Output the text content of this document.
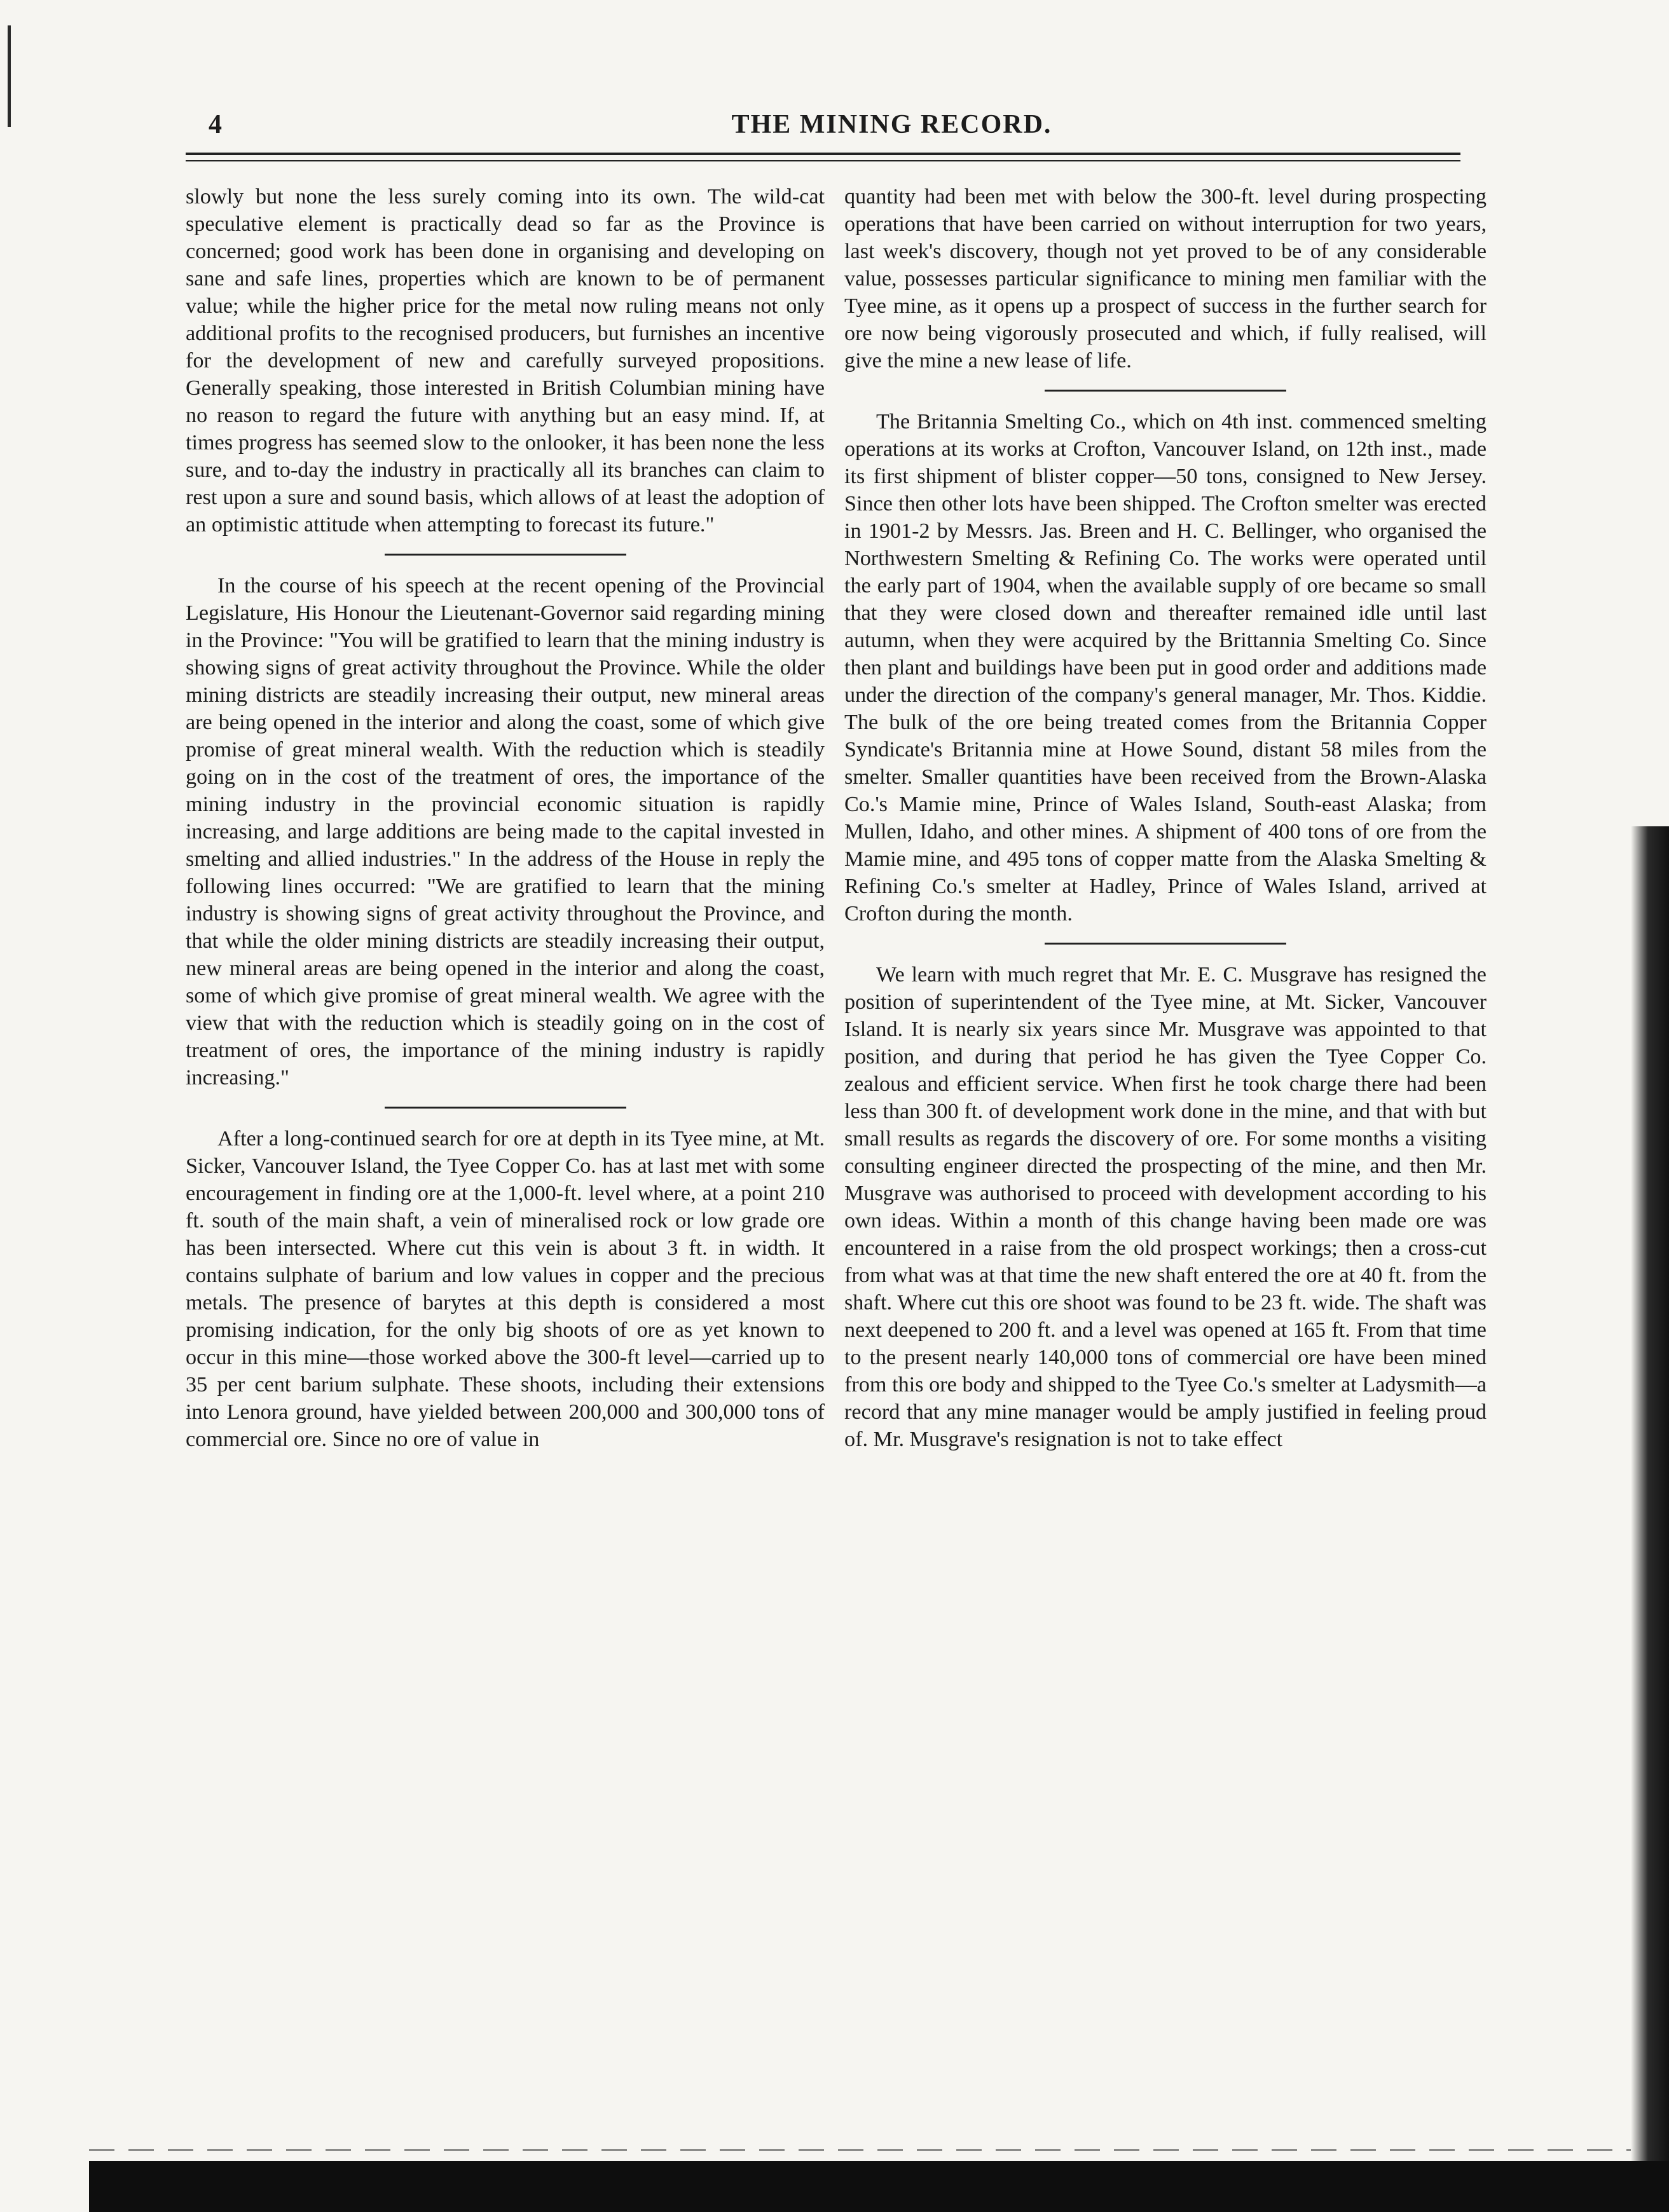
4	THE MINING RECORD.

slowly but none the less surely coming into its own. The wild-cat speculative element is practically dead so far as the Province is concerned; good work has been done in organising and developing on sane and safe lines, properties which are known to be of permanent value; while the higher price for the metal now ruling means not only additional profits to the recognised producers, but furnishes an incentive for the development of new and carefully surveyed propositions. Generally speaking, those interested in British Columbian mining have no reason to regard the future with anything but an easy mind. If, at times progress has seemed slow to the onlooker, it has been none the less sure, and to-day the industry in practically all its branches can claim to rest upon a sure and sound basis, which allows of at least the adoption of an optimistic attitude when attempting to forecast its future."

In the course of his speech at the recent opening of the Provincial Legislature, His Honour the Lieutenant-Governor said regarding mining in the Province: "You will be gratified to learn that the mining industry is showing signs of great activity throughout the Province. While the older mining districts are steadily increasing their output, new mineral areas are being opened in the interior and along the coast, some of which give promise of great mineral wealth. With the reduction which is steadily going on in the cost of the treatment of ores, the importance of the mining industry in the provincial economic situation is rapidly increasing, and large additions are being made to the capital invested in smelting and allied industries." In the address of the House in reply the following lines occurred: "We are gratified to learn that the mining industry is showing signs of great activity throughout the Province, and that while the older mining districts are steadily increasing their output, new mineral areas are being opened in the interior and along the coast, some of which give promise of great mineral wealth. We agree with the view that with the reduction which is steadily going on in the cost of treatment of ores, the importance of the mining industry is rapidly increasing."

After a long-continued search for ore at depth in its Tyee mine, at Mt. Sicker, Vancouver Island, the Tyee Copper Co. has at last met with some encouragement in finding ore at the 1,000-ft. level where, at a point 210 ft. south of the main shaft, a vein of mineralised rock or low grade ore has been intersected. Where cut this vein is about 3 ft. in width. It contains sulphate of barium and low values in copper and the precious metals. The presence of barytes at this depth is considered a most promising indication, for the only big shoots of ore as yet known to occur in this mine—those worked above the 300-ft level—carried up to 35 per cent barium sulphate. These shoots, including their extensions into Lenora ground, have yielded between 200,000 and 300,000 tons of commercial ore. Since no ore of value in

quantity had been met with below the 300-ft. level during prospecting operations that have been carried on without interruption for two years, last week's discovery, though not yet proved to be of any considerable value, possesses particular significance to mining men familiar with the Tyee mine, as it opens up a prospect of success in the further search for ore now being vigorously prosecuted and which, if fully realised, will give the mine a new lease of life.

The Britannia Smelting Co., which on 4th inst. commenced smelting operations at its works at Crofton, Vancouver Island, on 12th inst., made its first shipment of blister copper—50 tons, consigned to New Jersey. Since then other lots have been shipped. The Crofton smelter was erected in 1901-2 by Messrs. Jas. Breen and H. C. Bellinger, who organised the Northwestern Smelting & Refining Co. The works were operated until the early part of 1904, when the available supply of ore became so small that they were closed down and thereafter remained idle until last autumn, when they were acquired by the Brittannia Smelting Co. Since then plant and buildings have been put in good order and additions made under the direction of the company's general manager, Mr. Thos. Kiddie. The bulk of the ore being treated comes from the Britannia Copper Syndicate's Britannia mine at Howe Sound, distant 58 miles from the smelter. Smaller quantities have been received from the Brown-Alaska Co.'s Mamie mine, Prince of Wales Island, South-east Alaska; from Mullen, Idaho, and other mines. A shipment of 400 tons of ore from the Mamie mine, and 495 tons of copper matte from the Alaska Smelting & Refining Co.'s smelter at Hadley, Prince of Wales Island, arrived at Crofton during the month.

We learn with much regret that Mr. E. C. Musgrave has resigned the position of superintendent of the Tyee mine, at Mt. Sicker, Vancouver Island. It is nearly six years since Mr. Musgrave was appointed to that position, and during that period he has given the Tyee Copper Co. zealous and efficient service. When first he took charge there had been less than 300 ft. of development work done in the mine, and that with but small results as regards the discovery of ore. For some months a visiting consulting engineer directed the prospecting of the mine, and then Mr. Musgrave was authorised to proceed with development according to his own ideas. Within a month of this change having been made ore was encountered in a raise from the old prospect workings; then a cross-cut from what was at that time the new shaft entered the ore at 40 ft. from the shaft. Where cut this ore shoot was found to be 23 ft. wide. The shaft was next deepened to 200 ft. and a level was opened at 165 ft. From that time to the present nearly 140,000 tons of commercial ore have been mined from this ore body and shipped to the Tyee Co.'s smelter at Ladysmith—a record that any mine manager would be amply justified in feeling proud of. Mr. Musgrave's resignation is not to take effect
